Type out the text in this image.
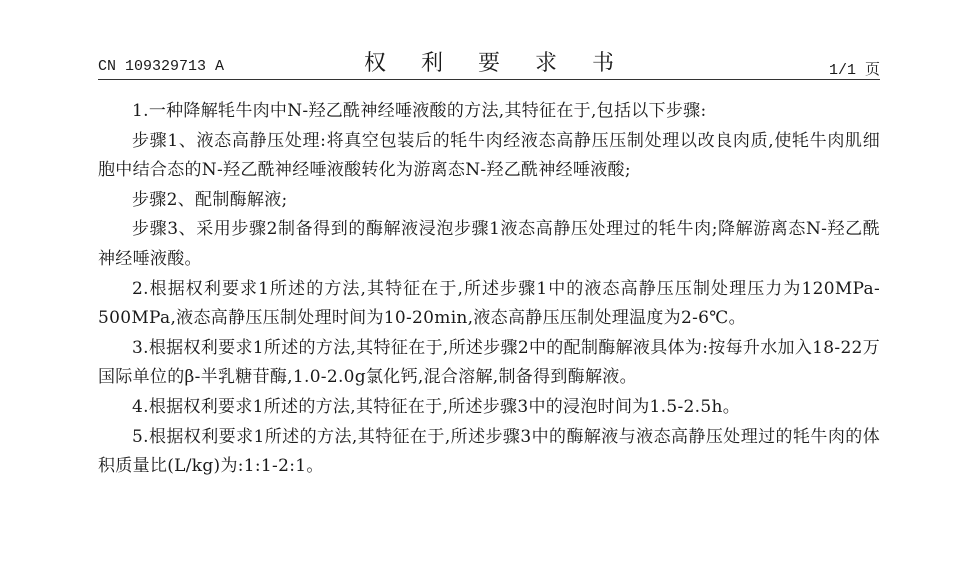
CN 109329713 A	权 利 要 求 书	1/1 页

1.一种降解牦牛肉中N-羟乙酰神经唾液酸的方法,其特征在于,包括以下步骤:

步骤1、液态高静压处理:将真空包装后的牦牛肉经液态高静压压制处理以改良肉质,使牦牛肉肌细胞中结合态的N-羟乙酰神经唾液酸转化为游离态N-羟乙酰神经唾液酸;

步骤2、配制酶解液;

步骤3、采用步骤2制备得到的酶解液浸泡步骤1液态高静压处理过的牦牛肉;降解游离态N-羟乙酰神经唾液酸。

2.根据权利要求1所述的方法,其特征在于,所述步骤1中的液态高静压压制处理压力为120MPa-500MPa,液态高静压压制处理时间为10-20min,液态高静压压制处理温度为2-6℃。

3.根据权利要求1所述的方法,其特征在于,所述步骤2中的配制酶解液具体为:按每升水加入18-22万国际单位的β-半乳糖苷酶,1.0-2.0g氯化钙,混合溶解,制备得到酶解液。

4.根据权利要求1所述的方法,其特征在于,所述步骤3中的浸泡时间为1.5-2.5h。

5.根据权利要求1所述的方法,其特征在于,所述步骤3中的酶解液与液态高静压处理过的牦牛肉的体积质量比(L/kg)为:1:1-2:1。
